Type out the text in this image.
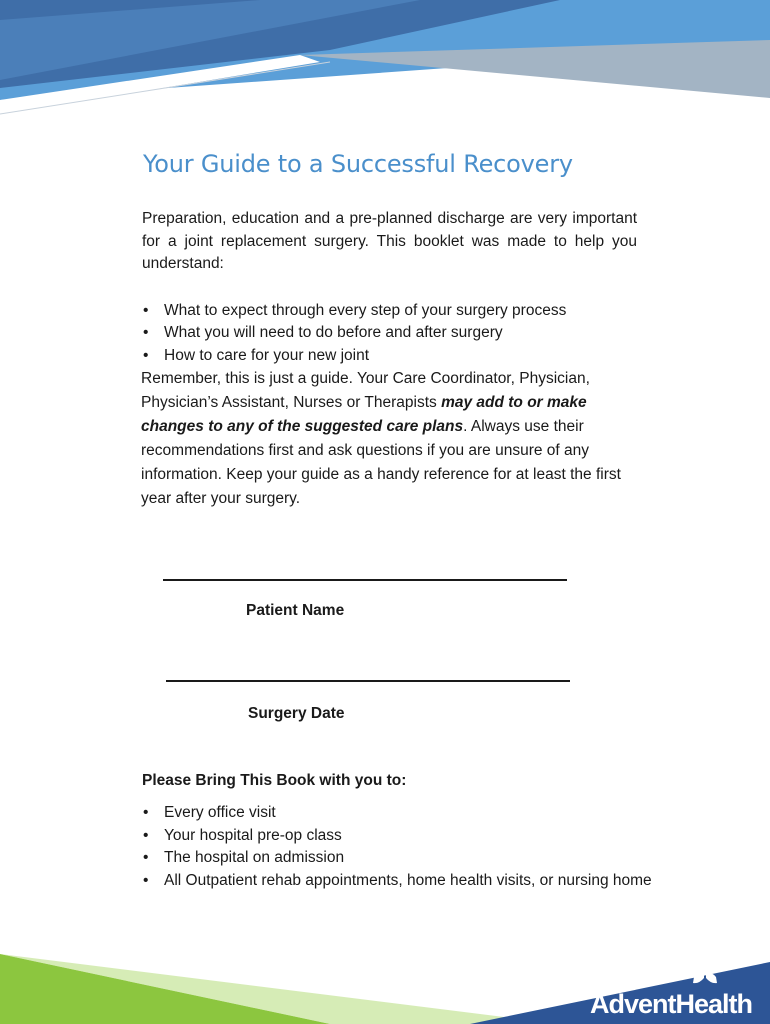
Your Guide to a Successful Recovery

Preparation, education and a pre-planned discharge are very important for a joint replacement surgery. This booklet was made to help you understand:

• What to expect through every step of your surgery process
• What you will need to do before and after surgery
• How to care for your new joint

Remember, this is just a guide. Your Care Coordinator, Physician, Physician’s Assistant, Nurses or Therapists may add to or make changes to any of the suggested care plans. Always use their recommendations first and ask questions if you are unsure of any information. Keep your guide as a handy reference for at least the first year after your surgery.

Patient Name
Surgery Date

Please Bring This Book with you to:

• Every office visit
• Your hospital pre-op class
• The hospital on admission
• All Outpatient rehab appointments, home health visits, or nursing home
AdventHealth
